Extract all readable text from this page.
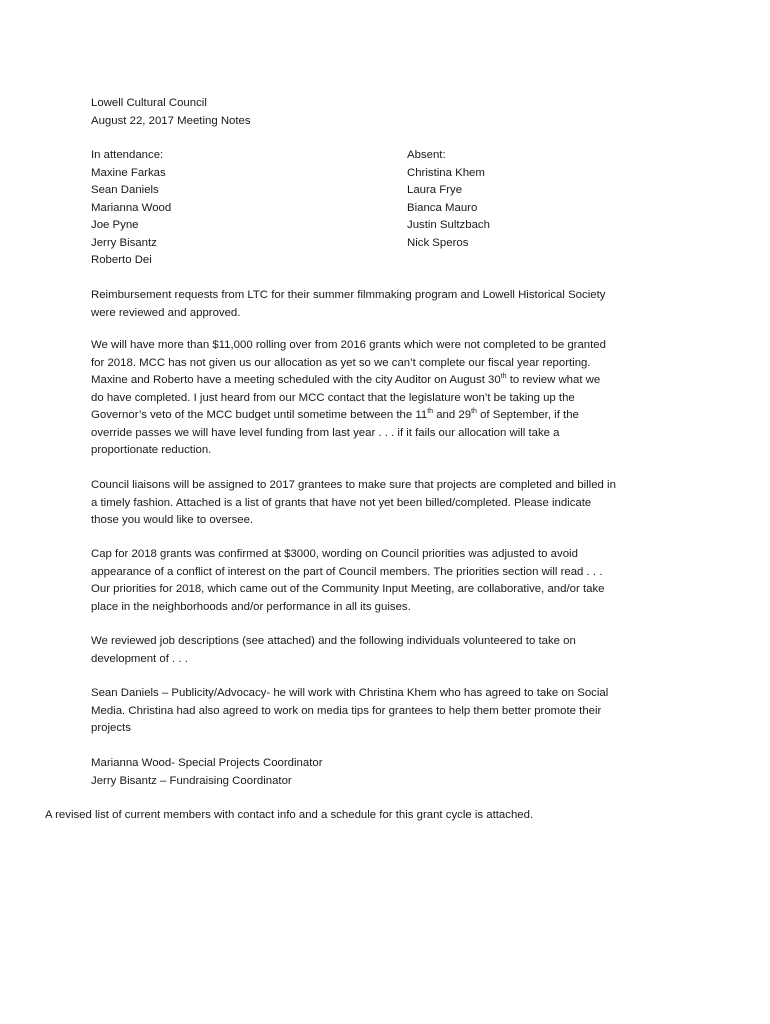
Lowell Cultural Council
August 22, 2017 Meeting Notes
In attendance:
Maxine Farkas
Sean Daniels
Marianna Wood
Joe Pyne
Jerry Bisantz
Roberto Dei
Absent:
Christina Khem
Laura Frye
Bianca Mauro
Justin Sultzbach
Nick Speros
Reimbursement requests from LTC for their summer filmmaking program and Lowell Historical Society
were reviewed and approved.
We will have more than $11,000 rolling over from 2016 grants which were not completed to be granted
for 2018. MCC has not given us our allocation as yet so we can’t complete our fiscal year reporting.
Maxine and Roberto have a meeting scheduled with the city Auditor on August 30th to review what we
do have completed. I just heard from our MCC contact that the legislature won’t be taking up the
Governor’s veto of the MCC budget until sometime between the 11th and 29th of September, if the
override passes we will have level funding from last year . . . if it fails our allocation will take a
proportionate reduction.
Council liaisons will be assigned to 2017 grantees to make sure that projects are completed and billed in
a timely fashion. Attached is a list of grants that have not yet been billed/completed. Please indicate
those you would like to oversee.
Cap for 2018 grants was confirmed at $3000, wording on Council priorities was adjusted to avoid
appearance of a conflict of interest on the part of Council members. The priorities section will read . . .
Our priorities for 2018, which came out of the Community Input Meeting, are collaborative, and/or take
place in the neighborhoods and/or performance in all its guises.
We reviewed job descriptions (see attached) and the following individuals volunteered to take on
development of . . .
Sean Daniels – Publicity/Advocacy- he will work with Christina Khem who has agreed to take on Social
Media. Christina had also agreed to work on media tips for grantees to help them better promote their
projects
Marianna Wood- Special Projects Coordinator
Jerry Bisantz – Fundraising Coordinator
A revised list of current members with contact info and a schedule for this grant cycle is attached.
